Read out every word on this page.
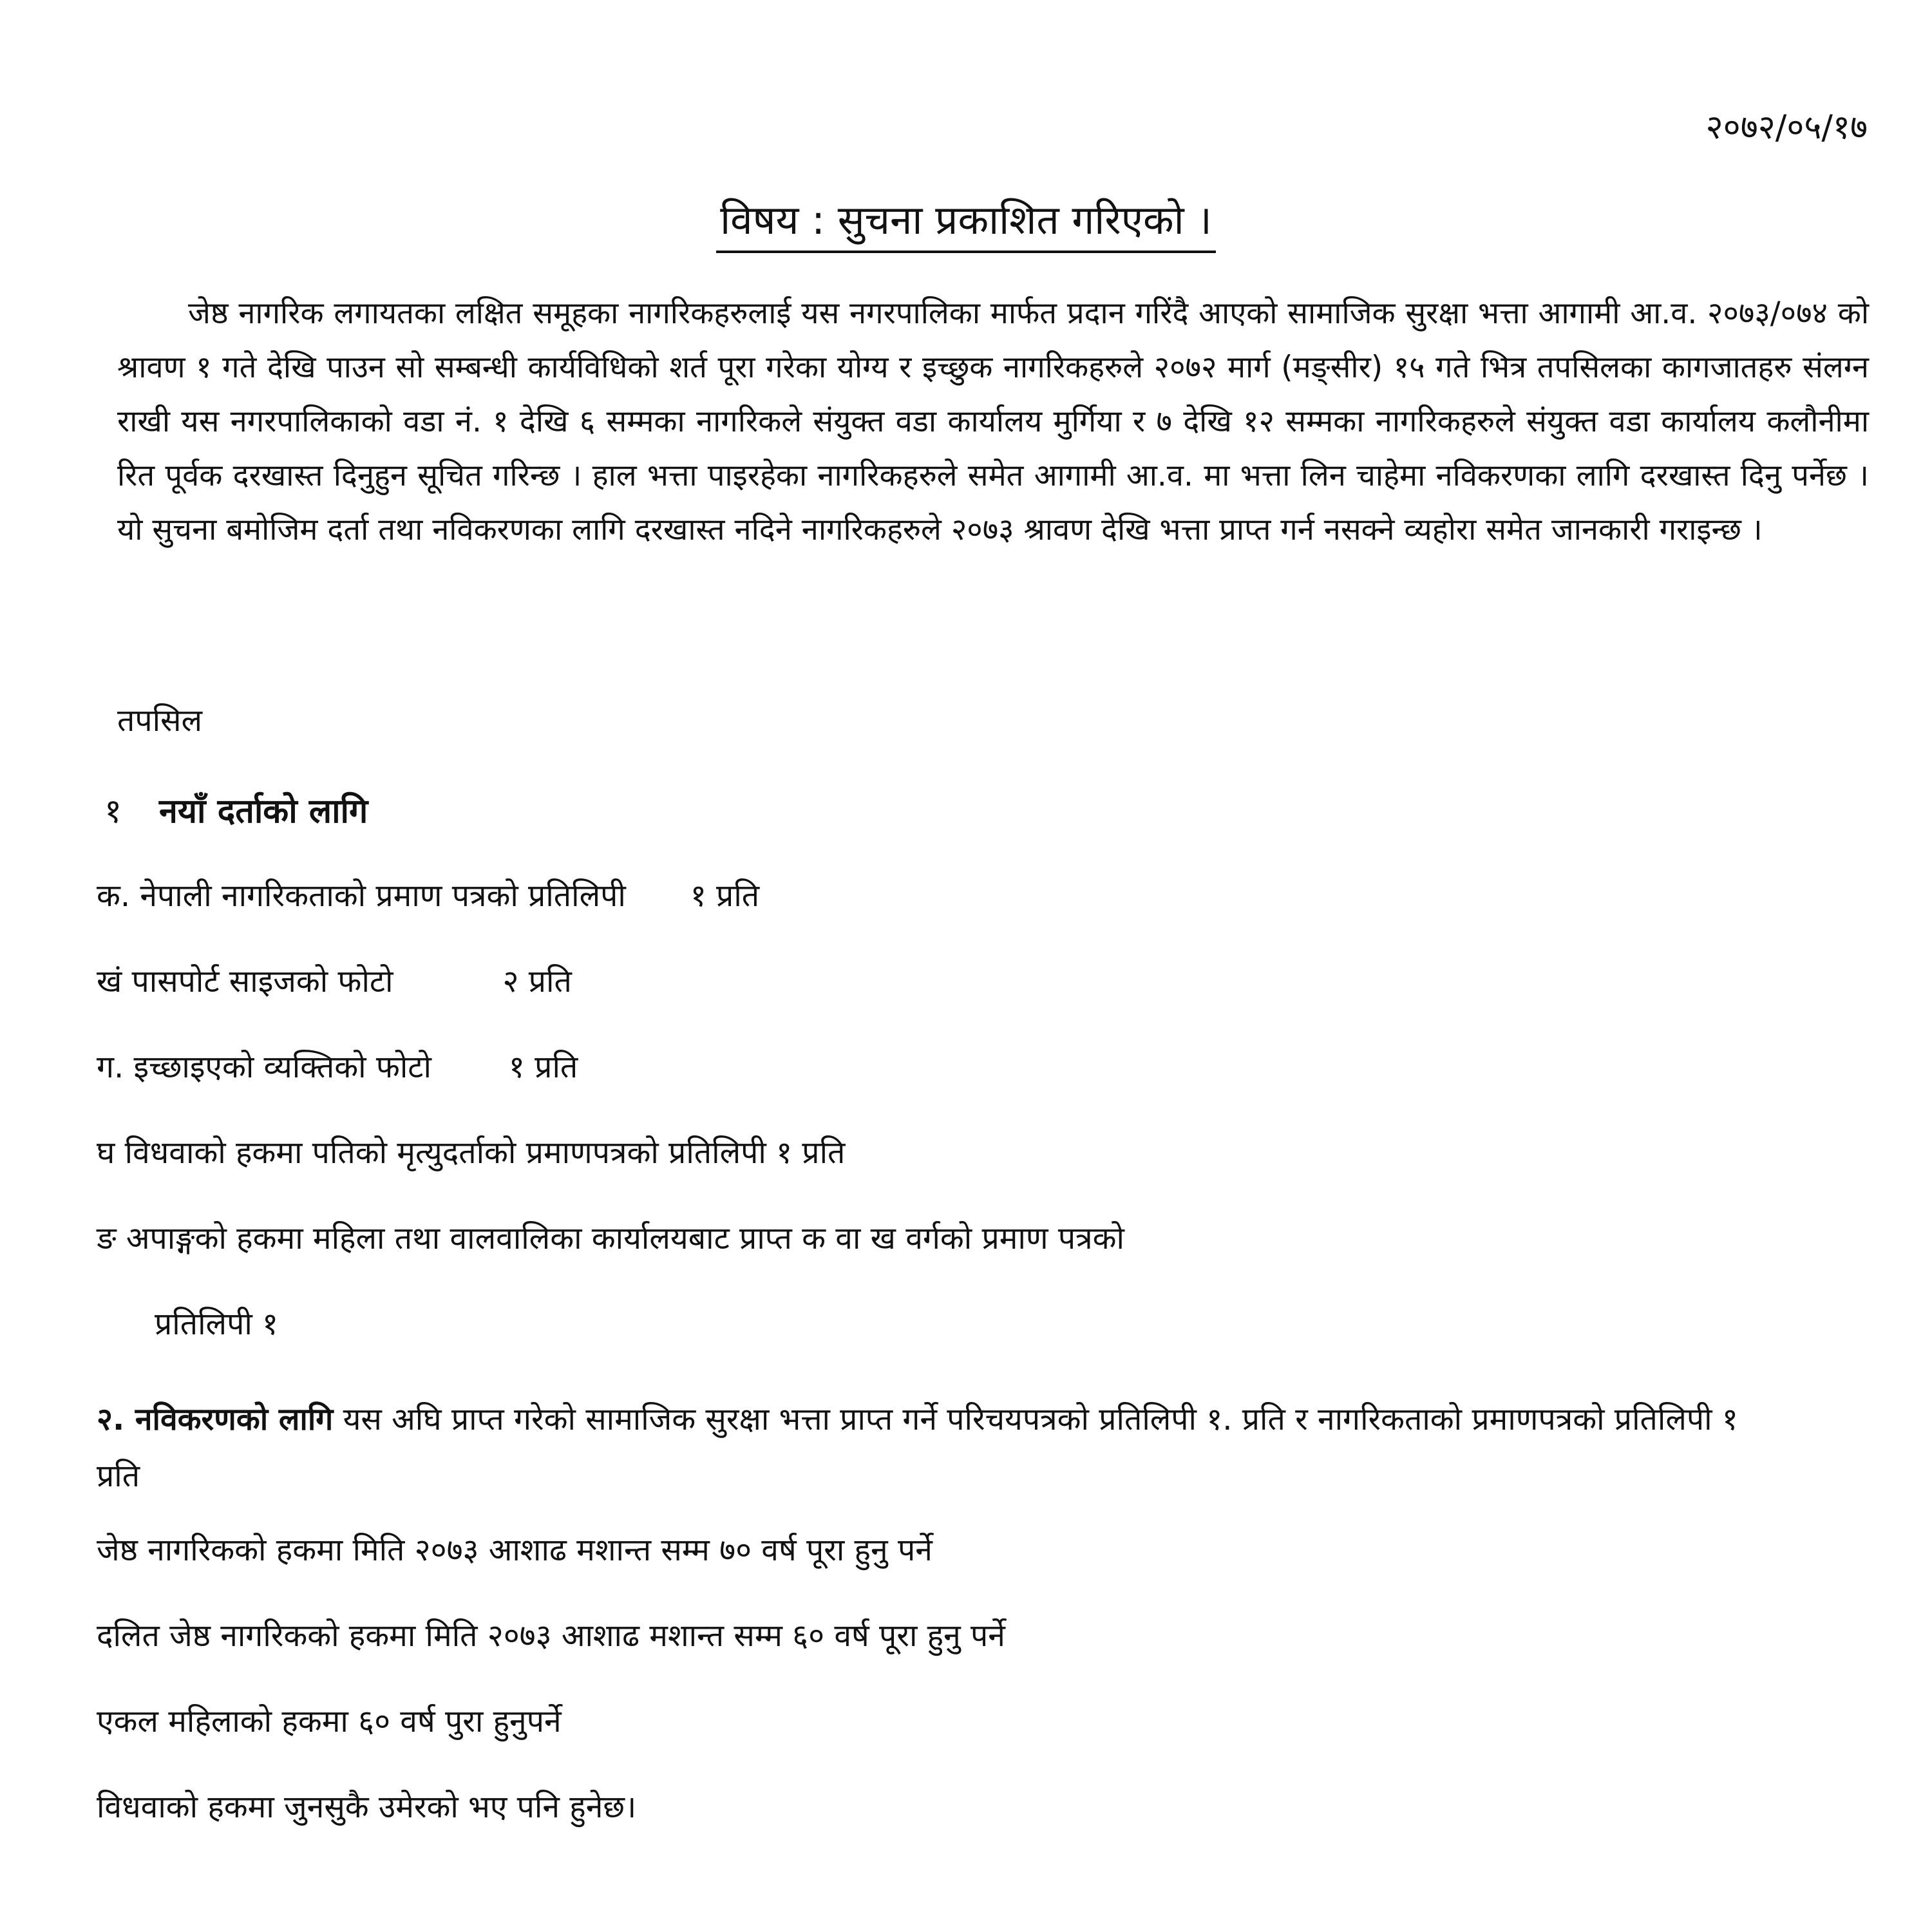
२०७२/०५/१७
विषय : सुचना प्रकाशित गरिएको ।

जेष्ठ नागरिक लगायतका लक्षित समूहका नागरिकहरुलाई यस नगरपालिका मार्फत प्रदान गरिंदै आएको सामाजिक सुरक्षा भत्ता आगामी आ.व. २०७३/०७४ को श्रावण १ गते देखि पाउन सो सम्बन्धी कार्यविधिको शर्त पूरा गरेका योग्य र इच्छुक नागरिकहरुले २०७२ मार्ग (मङ्सीर) १५ गते भित्र तपसिलका कागजातहरु संलग्न राखी यस नगरपालिकाको वडा नं. १ देखि ६ सम्मका नागरिकले संयुक्त वडा कार्यालय मुर्गिया र ७ देखि १२ सम्मका नागरिकहरुले संयुक्त वडा कार्यालय कलौनीमा रित पूर्वक दरखास्त दिनुहुन सूचित गरिन्छ । हाल भत्ता पाइरहेका नागरिकहरुले समेत आगामी आ.व. मा भत्ता लिन चाहेमा नविकरणका लागि दरखास्त दिनु पर्नेछ । यो सुचना बमोजिम दर्ता तथा नविकरणका लागि दरखास्त नदिने नागरिकहरुले २०७३ श्रावण देखि भत्ता प्राप्त गर्न नसक्ने व्यहोरा समेत जानकारी गराइन्छ ।

तपसिल
१ नयाँ दर्ताको लागि
क. नेपाली नागरिकताको प्रमाण पत्रको प्रतिलिपी १ प्रति
खं पासपोर्ट साइजको फोटो	२ प्रति
ग. इच्छाइएको व्यक्तिको फोटो	१ प्रति
घ विधवाको हकमा पतिको मृत्युदर्ताको प्रमाणपत्रको प्रतिलिपी १ प्रति
ङ अपाङ्गको हकमा महिला तथा वालवालिका कार्यालयबाट प्राप्त क वा ख वर्गको प्रमाण पत्रको
प्रतिलिपी १

२. नविकरणको लागि यस अघि प्राप्त गरेको सामाजिक सुरक्षा भत्ता प्राप्त गर्ने परिचयपत्रको प्रतिलिपी १. प्रति र नागरिकताको प्रमाणपत्रको प्रतिलिपी १ प्रति

जेष्ठ नागरिकको हकमा मिति २०७३ आशाढ मशान्त सम्म ७० वर्ष पूरा हुनु पर्ने
दलित जेष्ठ नागरिकको हकमा मिति २०७३ आशाढ मशान्त सम्म ६० वर्ष पूरा हुनु पर्ने
एकल महिलाको हकमा ६० वर्ष पुरा हुनुपर्ने
विधवाको हकमा जुनसुकै उमेरको भए पनि हुनेछ।
